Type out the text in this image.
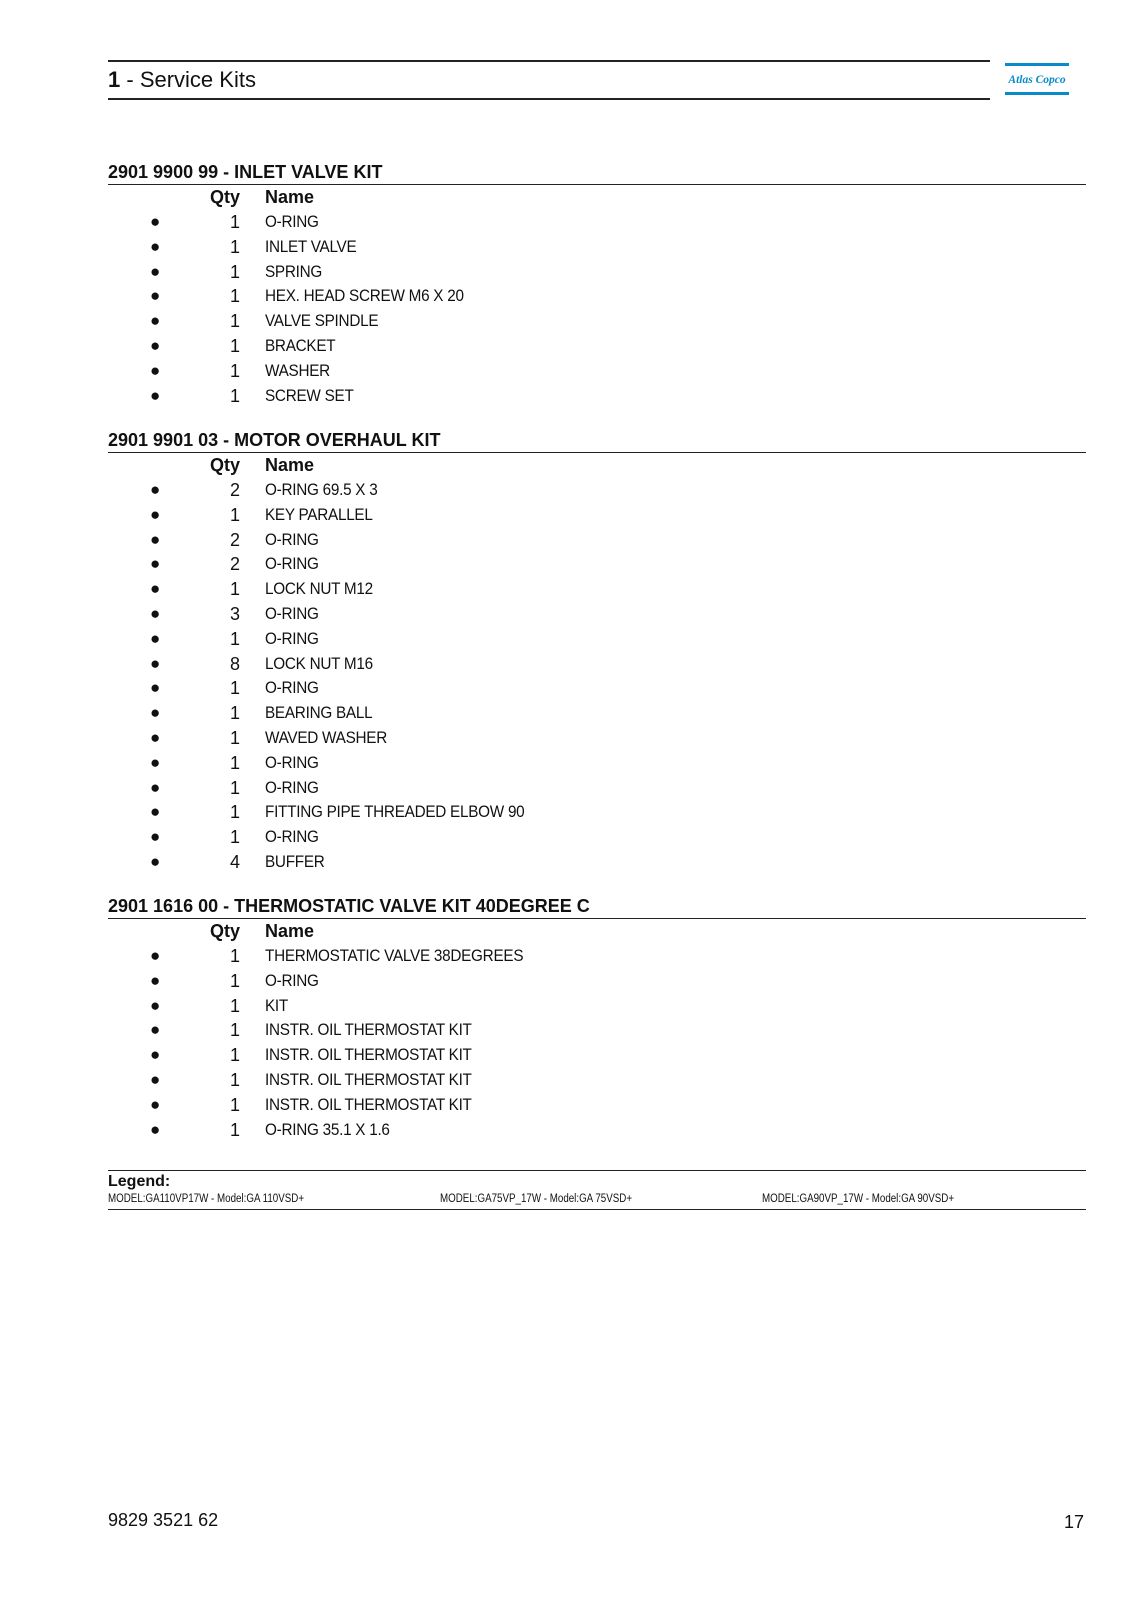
1 - Service Kits	Atlas Copco
2901 9900 99 - INLET VALVE KIT
Qty Name
●	1 O-RING
●	1 INLET VALVE
●	1 SPRING
●	1 HEX. HEAD SCREW M6 X 20
●	1 VALVE SPINDLE
●	1 BRACKET
●	1 WASHER
●	1 SCREW SET
2901 9901 03 - MOTOR OVERHAUL KIT
Qty Name
●	2 O-RING 69.5 X 3
●	1 KEY PARALLEL
●	2 O-RING
●	2 O-RING
●	1 LOCK NUT M12
●	3 O-RING
●	1 O-RING
●	8 LOCK NUT M16
●	1 O-RING
●	1 BEARING BALL
●	1 WAVED WASHER
●	1 O-RING
●	1 O-RING
●	1 FITTING PIPE THREADED ELBOW 90
●	1 O-RING
●	4 BUFFER
2901 1616 00 - THERMOSTATIC VALVE KIT 40DEGREE C
Qty Name
●	1 THERMOSTATIC VALVE 38DEGREES
●	1 O-RING
●	1 KIT
●	1 INSTR. OIL THERMOSTAT KIT
●	1 INSTR. OIL THERMOSTAT KIT
●	1 INSTR. OIL THERMOSTAT KIT
●	1 INSTR. OIL THERMOSTAT KIT
●	1 O-RING 35.1 X 1.6
Legend:
MODEL:GA110VP17W - Model:GA 110VSD+	MODEL:GA75VP_17W - Model:GA 75VSD+	MODEL:GA90VP_17W - Model:GA 90VSD+
9829 3521 62	17
